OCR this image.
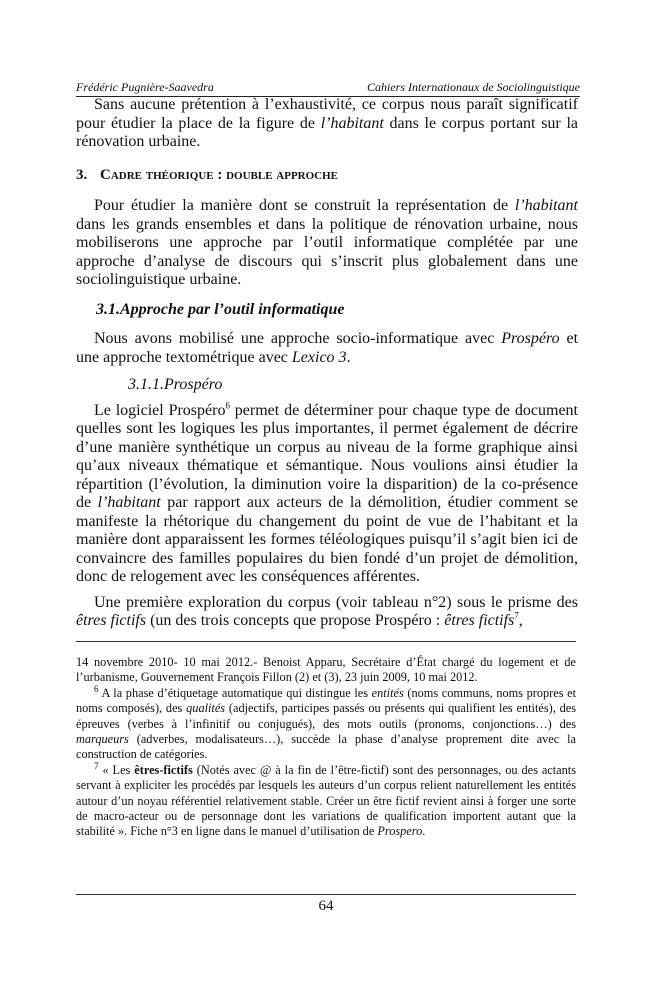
Frédéric Pugnière-Saavedra	Cahiers Internationaux de Sociolinguistique

Sans aucune prétention à l’exhaustivité, ce corpus nous paraît significatif pour étudier la place de la figure de l’habitant dans le corpus portant sur la rénovation urbaine.

3. Cadre théorique : double approche

Pour étudier la manière dont se construit la représentation de l’habitant dans les grands ensembles et dans la politique de rénovation urbaine, nous mobiliserons une approche par l’outil informatique complétée par une approche d’analyse de discours qui s’inscrit plus globalement dans une sociolinguistique urbaine.

3.1.Approche par l’outil informatique

Nous avons mobilisé une approche socio-informatique avec Prospéro et une approche textométrique avec Lexico 3.

3.1.1.Prospéro

Le logiciel Prospéro$^6$ permet de déterminer pour chaque type de document quelles sont les logiques les plus importantes, il permet également de décrire d’une manière synthétique un corpus au niveau de la forme graphique ainsi qu’aux niveaux thématique et sémantique. Nous voulions ainsi étudier la répartition (l’évolution, la diminution voire la disparition) de la co-présence de l’habitant par rapport aux acteurs de la démolition, étudier comment se manifeste la rhétorique du changement du point de vue de l’habitant et la manière dont apparaissent les formes téléologiques puisqu’il s’agit bien ici de convaincre des familles populaires du bien fondé d’un projet de démolition, donc de relogement avec les conséquences afférentes.

Une première exploration du corpus (voir tableau n°2) sous le prisme des êtres fictifs (un des trois concepts que propose Prospéro : êtres fictifs$^7$,

14 novembre 2010- 10 mai 2012.- Benoist Apparu, Secrétaire d’État chargé du logement et de l’urbanisme, Gouvernement François Fillon (2) et (3), 23 juin 2009, 10 mai 2012.

$^6$ A la phase d’étiquetage automatique qui distingue les entités (noms communs, noms propres et noms composés), des qualités (adjectifs, participes passés ou présents qui qualifient les entités), des épreuves (verbes à l’infinitif ou conjugués), des mots outils (pronoms, conjonctions…) des marqueurs (adverbes, modalisateurs…), succède la phase d’analyse proprement dite avec la construction de catégories.

$^7$ « Les êtres-fictifs (Notés avec @ à la fin de l’être-fictif) sont des personnages, ou des actants servant à expliciter les procédés par lesquels les auteurs d’un corpus relient naturellement les entités autour d’un noyau référentiel relativement stable. Créer un être fictif revient ainsi à forger une sorte de macro-acteur ou de personnage dont les variations de qualification importent autant que la stabilité ». Fiche n°3 en ligne dans le manuel d’utilisation de Prospero.

64
